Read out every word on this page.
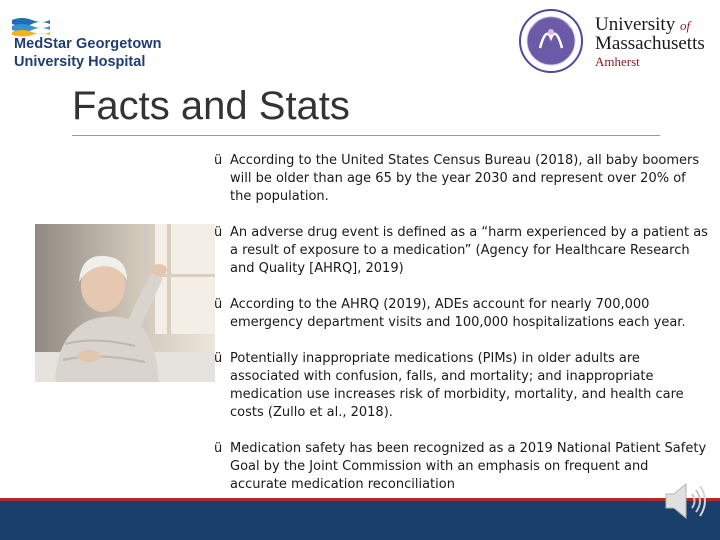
MedStar Georgetown
University Hospital
University of
Massachusetts
Amherst
Facts and Stats
ü According to the United States Census Bureau (2018), all baby boomers will be older than age 65 by the year 2030 and represent over 20% of the population.
ü An adverse drug event is defined as a “harm experienced by a patient as a result of exposure to a medication” (Agency for Healthcare Research and Quality [AHRQ], 2019)
ü According to the AHRQ (2019), ADEs account for nearly 700,000 emergency department visits and 100,000 hospitalizations each year.
ü Potentially inappropriate medications (PIMs) in older adults are associated with confusion, falls, and mortality; and inappropriate medication use increases risk of morbidity, mortality, and health care costs (Zullo et al., 2018).
ü Medication safety has been recognized as a 2019 National Patient Safety Goal by the Joint Commission with an emphasis on frequent and accurate medication reconciliation
